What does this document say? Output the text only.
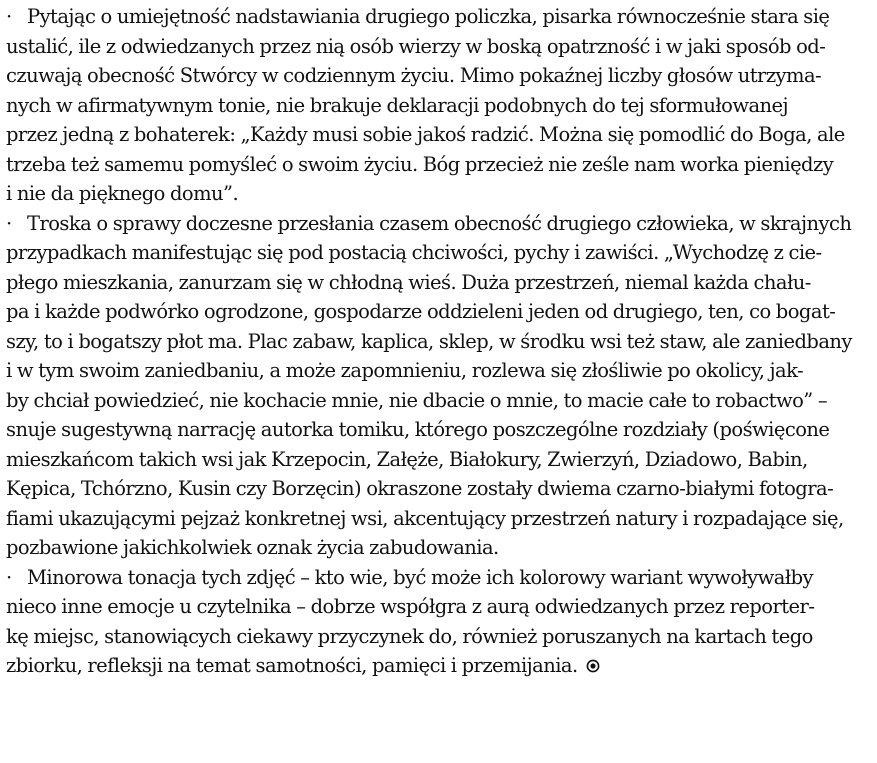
· Pytając o umiejętność nadstawiania drugiego policzka, pisarka równocześnie stara się
ustalić, ile z odwiedzanych przez nią osób wierzy w boską opatrzność i w jaki sposób od-
czuwają obecność Stwórcy w codziennym życiu. Mimo pokaźnej liczby głosów utrzyma-
nych w afirmatywnym tonie, nie brakuje deklaracji podobnych do tej sformułowanej
przez jedną z bohaterek: „Każdy musi sobie jakoś radzić. Można się pomodlić do Boga, ale
trzeba też samemu pomyśleć o swoim życiu. Bóg przecież nie ześle nam worka pieniędzy
i nie da pięknego domu”.
· Troska o sprawy doczesne przesłania czasem obecność drugiego człowieka, w skrajnych
przypadkach manifestując się pod postacią chciwości, pychy i zawiści. „Wychodzę z cie-
płego mieszkania, zanurzam się w chłodną wieś. Duża przestrzeń, niemal każda chału-
pa i każde podwórko ogrodzone, gospodarze oddzieleni jeden od drugiego, ten, co bogat-
szy, to i bogatszy płot ma. Plac zabaw, kaplica, sklep, w środku wsi też staw, ale zaniedbany
i w tym swoim zaniedbaniu, a może zapomnieniu, rozlewa się złośliwie po okolicy, jak-
by chciał powiedzieć, nie kochacie mnie, nie dbacie o mnie, to macie całe to robactwo” –
snuje sugestywną narrację autorka tomiku, którego poszczególne rozdziały (poświęcone
mieszkańcom takich wsi jak Krzepocin, Załęże, Białokury, Zwierzyń, Dziadowo, Babin,
Kępica, Tchórzno, Kusin czy Borzęcin) okraszone zostały dwiema czarno-białymi fotogra-
fiami ukazującymi pejzaż konkretnej wsi, akcentujący przestrzeń natury i rozpadające się,
pozbawione jakichkolwiek oznak życia zabudowania.
· Minorowa tonacja tych zdjęć – kto wie, być może ich kolorowy wariant wywoływałby
nieco inne emocje u czytelnika – dobrze współgra z aurą odwiedzanych przez reporter-
kę miejsc, stanowiących ciekawy przyczynek do, również poruszanych na kartach tego
zbiorku, refleksji na temat samotności, pamięci i przemijania.
